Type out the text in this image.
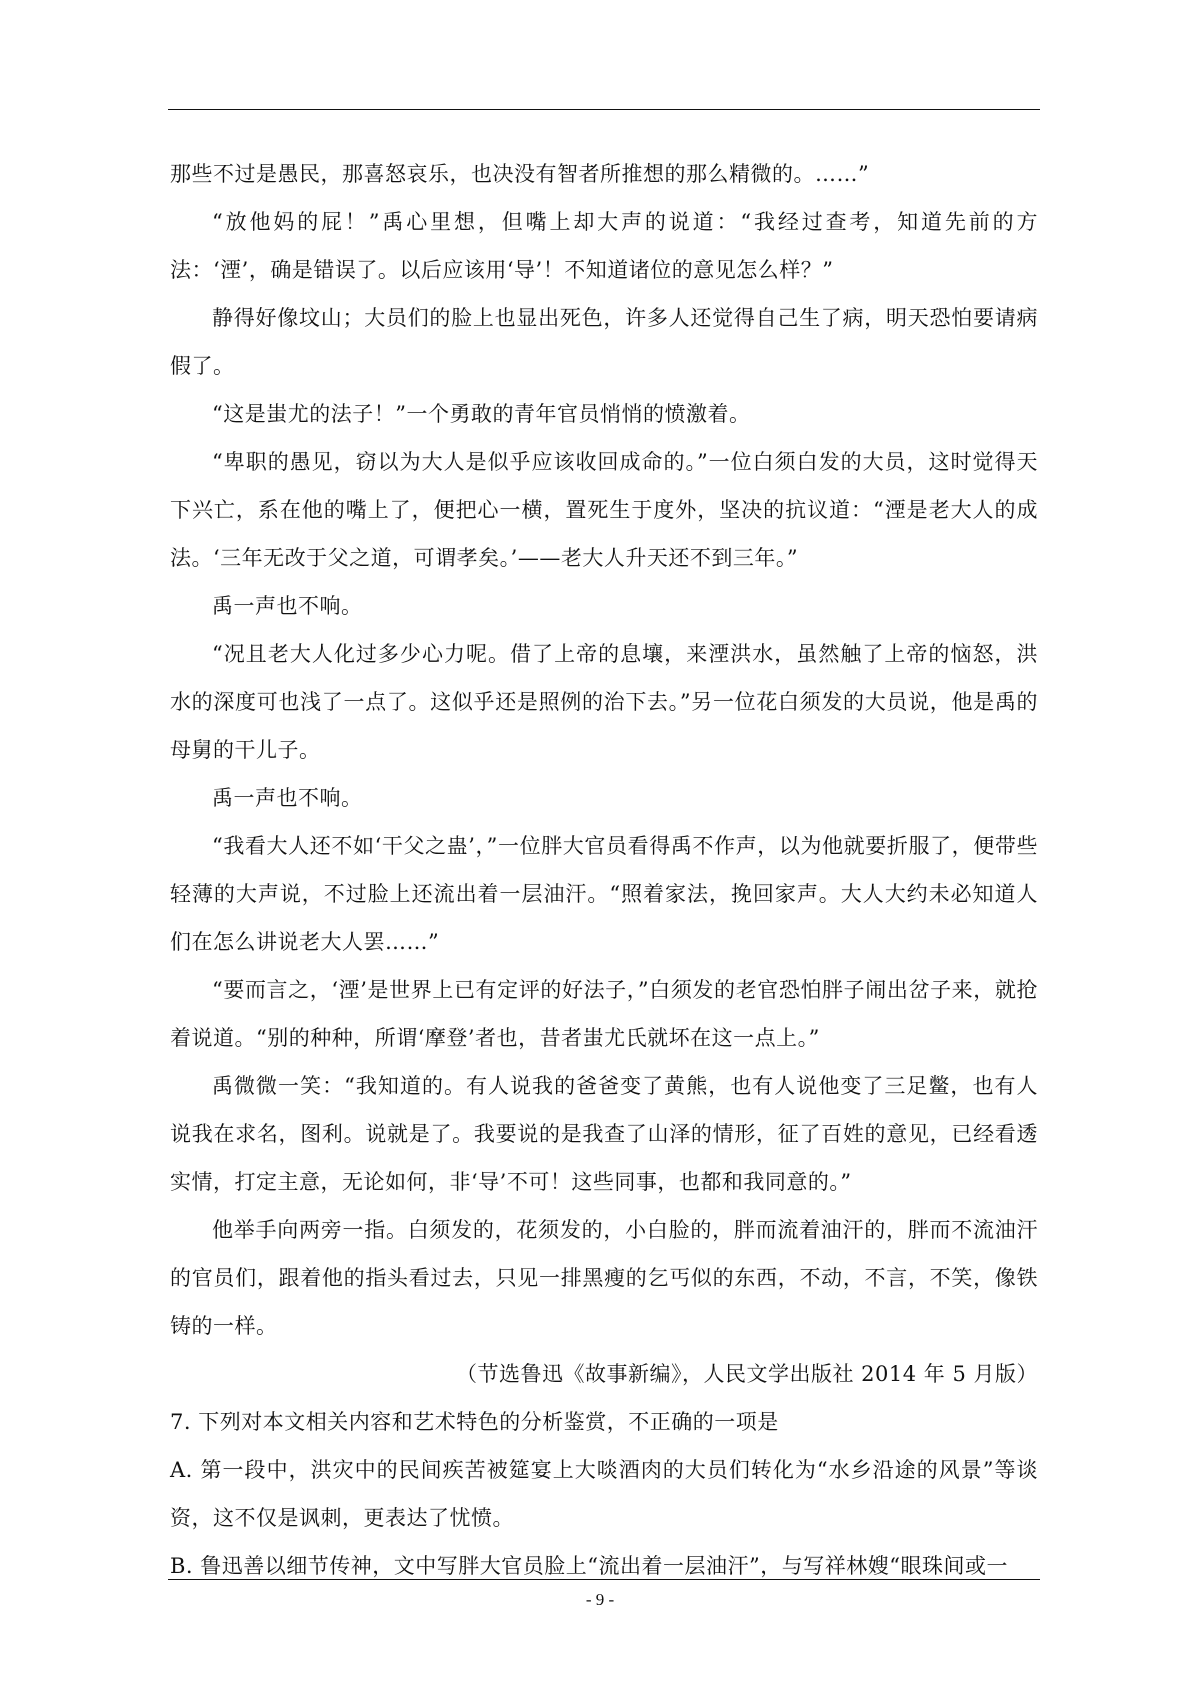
那些不过是愚民，那喜怒哀乐，也决没有智者所推想的那么精微的。……”

“放他妈的屁！”禹心里想，但嘴上却大声的说道：“我经过查考，知道先前的方法：‘湮’，确是错误了。以后应该用‘导’！不知道诸位的意见怎么样？”

静得好像坟山；大员们的脸上也显出死色，许多人还觉得自己生了病，明天恐怕要请病假了。

“这是蚩尤的法子！”一个勇敢的青年官员悄悄的愤激着。

“卑职的愚见，窃以为大人是似乎应该收回成命的。”一位白须白发的大员，这时觉得天下兴亡，系在他的嘴上了，便把心一横，置死生于度外，坚决的抗议道：“湮是老大人的成法。‘三年无改于父之道，可谓孝矣。’——老大人升天还不到三年。”

禹一声也不响。

“况且老大人化过多少心力呢。借了上帝的息壤，来湮洪水，虽然触了上帝的恼怒，洪水的深度可也浅了一点了。这似乎还是照例的治下去。”另一位花白须发的大员说，他是禹的母舅的干儿子。

禹一声也不响。

“我看大人还不如‘干父之蛊’，”一位胖大官员看得禹不作声，以为他就要折服了，便带些轻薄的大声说，不过脸上还流出着一层油汗。“照着家法，挽回家声。大人大约未必知道人们在怎么讲说老大人罢……”

“要而言之，‘湮’是世界上已有定评的好法子，”白须发的老官恐怕胖子闹出岔子来，就抢着说道。“别的种种，所谓‘摩登’者也，昔者蚩尤氏就坏在这一点上。”

禹微微一笑：“我知道的。有人说我的爸爸变了黄熊，也有人说他变了三足鳖，也有人说我在求名，图利。说就是了。我要说的是我查了山泽的情形，征了百姓的意见，已经看透实情，打定主意，无论如何，非‘导’不可！这些同事，也都和我同意的。”

他举手向两旁一指。白须发的，花须发的，小白脸的，胖而流着油汗的，胖而不流油汗的官员们，跟着他的指头看过去，只见一排黑瘦的乞丐似的东西，不动，不言，不笑，像铁铸的一样。

（节选鲁迅《故事新编》，人民文学出版社 2014 年 5 月版）

7. 下列对本文相关内容和艺术特色的分析鉴赏，不正确的一项是

A. 第一段中，洪灾中的民间疾苦被筵宴上大啖酒肉的大员们转化为“水乡沿途的风景”等谈资，这不仅是讽刺，更表达了忧愤。

B. 鲁迅善以细节传神，文中写胖大官员脸上“流出着一层油汗”，与写祥林嫂“眼珠间或一

- 9 -
